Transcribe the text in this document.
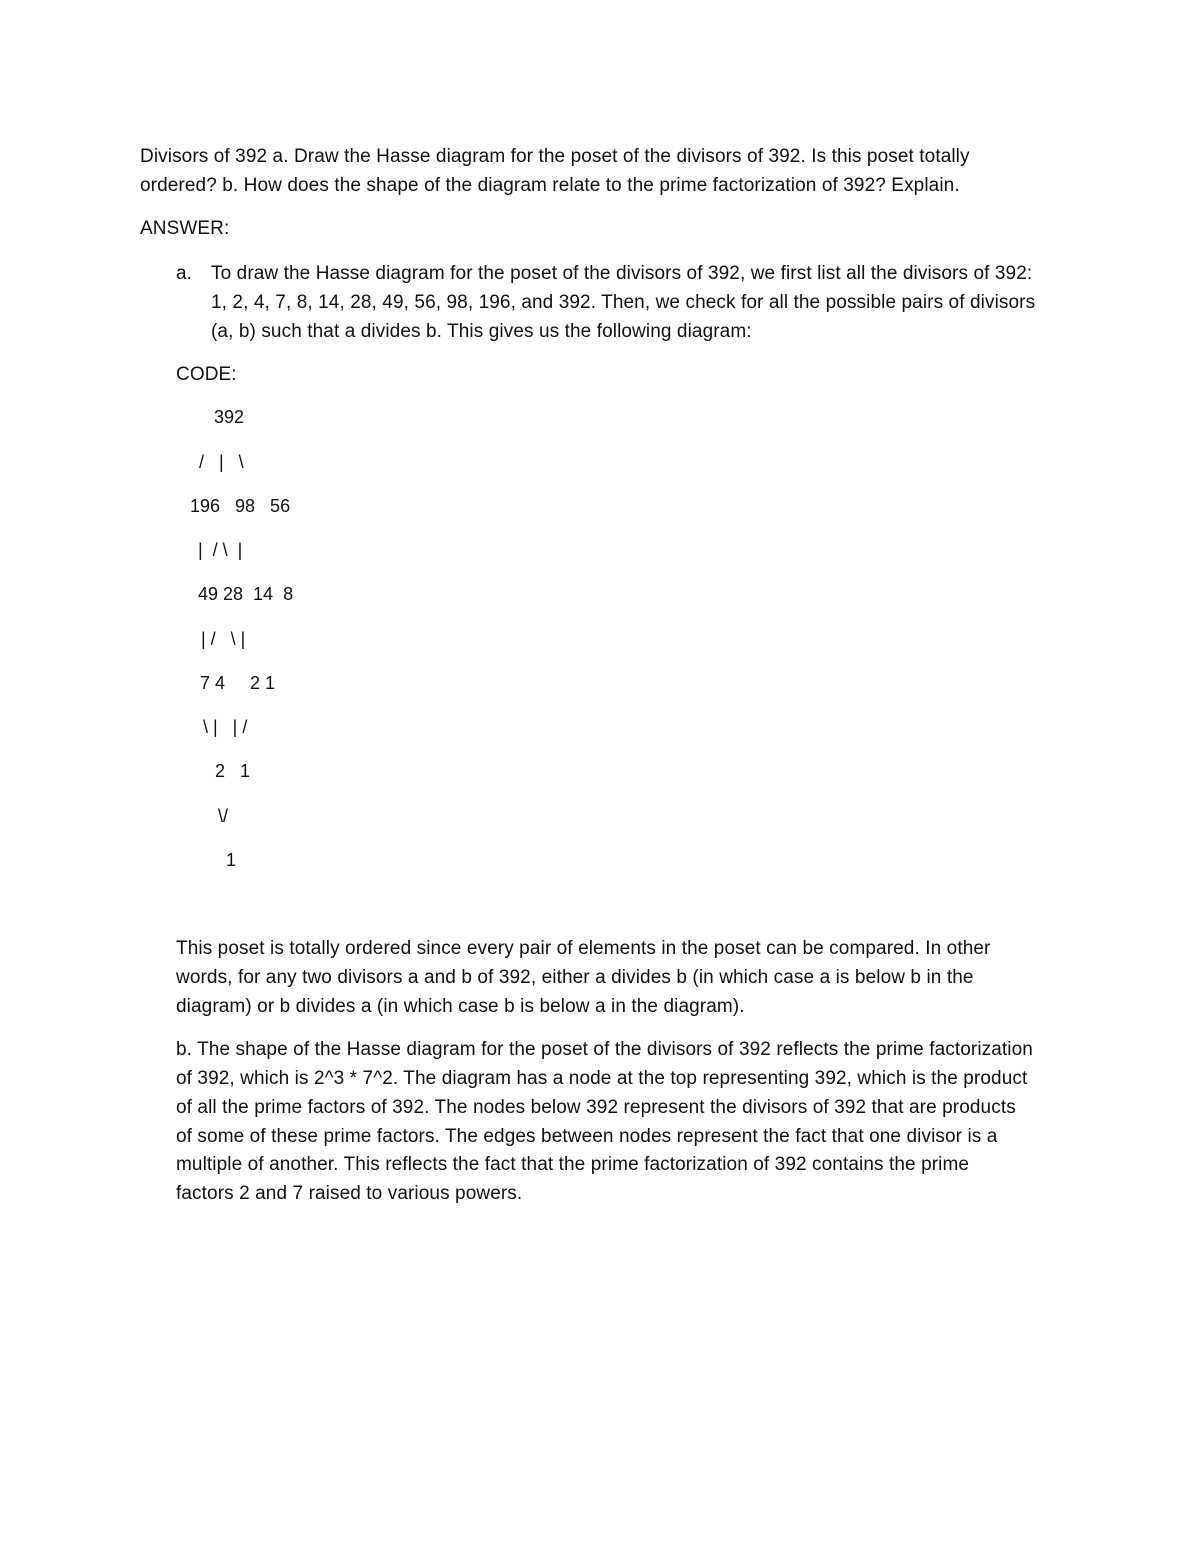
Divisors of 392 a. Draw the Hasse diagram for the poset of the divisors of 392. Is this poset totally
ordered? b. How does the shape of the diagram relate to the prime factorization of 392? Explain.
ANSWER:
a. To draw the Hasse diagram for the poset of the divisors of 392, we first list all the divisors of 392:
1, 2, 4, 7, 8, 14, 28, 49, 56, 98, 196, and 392. Then, we check for all the possible pairs of divisors
(a, b) such that a divides b. This gives us the following diagram:
CODE:
392
/   |   \
196   98   56
|  / \  |
49 28  14  8
| /   \ |
7 4     2 1
\ |   | /
2   1
\/
1
This poset is totally ordered since every pair of elements in the poset can be compared. In other
words, for any two divisors a and b of 392, either a divides b (in which case a is below b in the
diagram) or b divides a (in which case b is below a in the diagram).
b. The shape of the Hasse diagram for the poset of the divisors of 392 reflects the prime factorization
of 392, which is 2^3 * 7^2. The diagram has a node at the top representing 392, which is the product
of all the prime factors of 392. The nodes below 392 represent the divisors of 392 that are products
of some of these prime factors. The edges between nodes represent the fact that one divisor is a
multiple of another. This reflects the fact that the prime factorization of 392 contains the prime
factors 2 and 7 raised to various powers.
